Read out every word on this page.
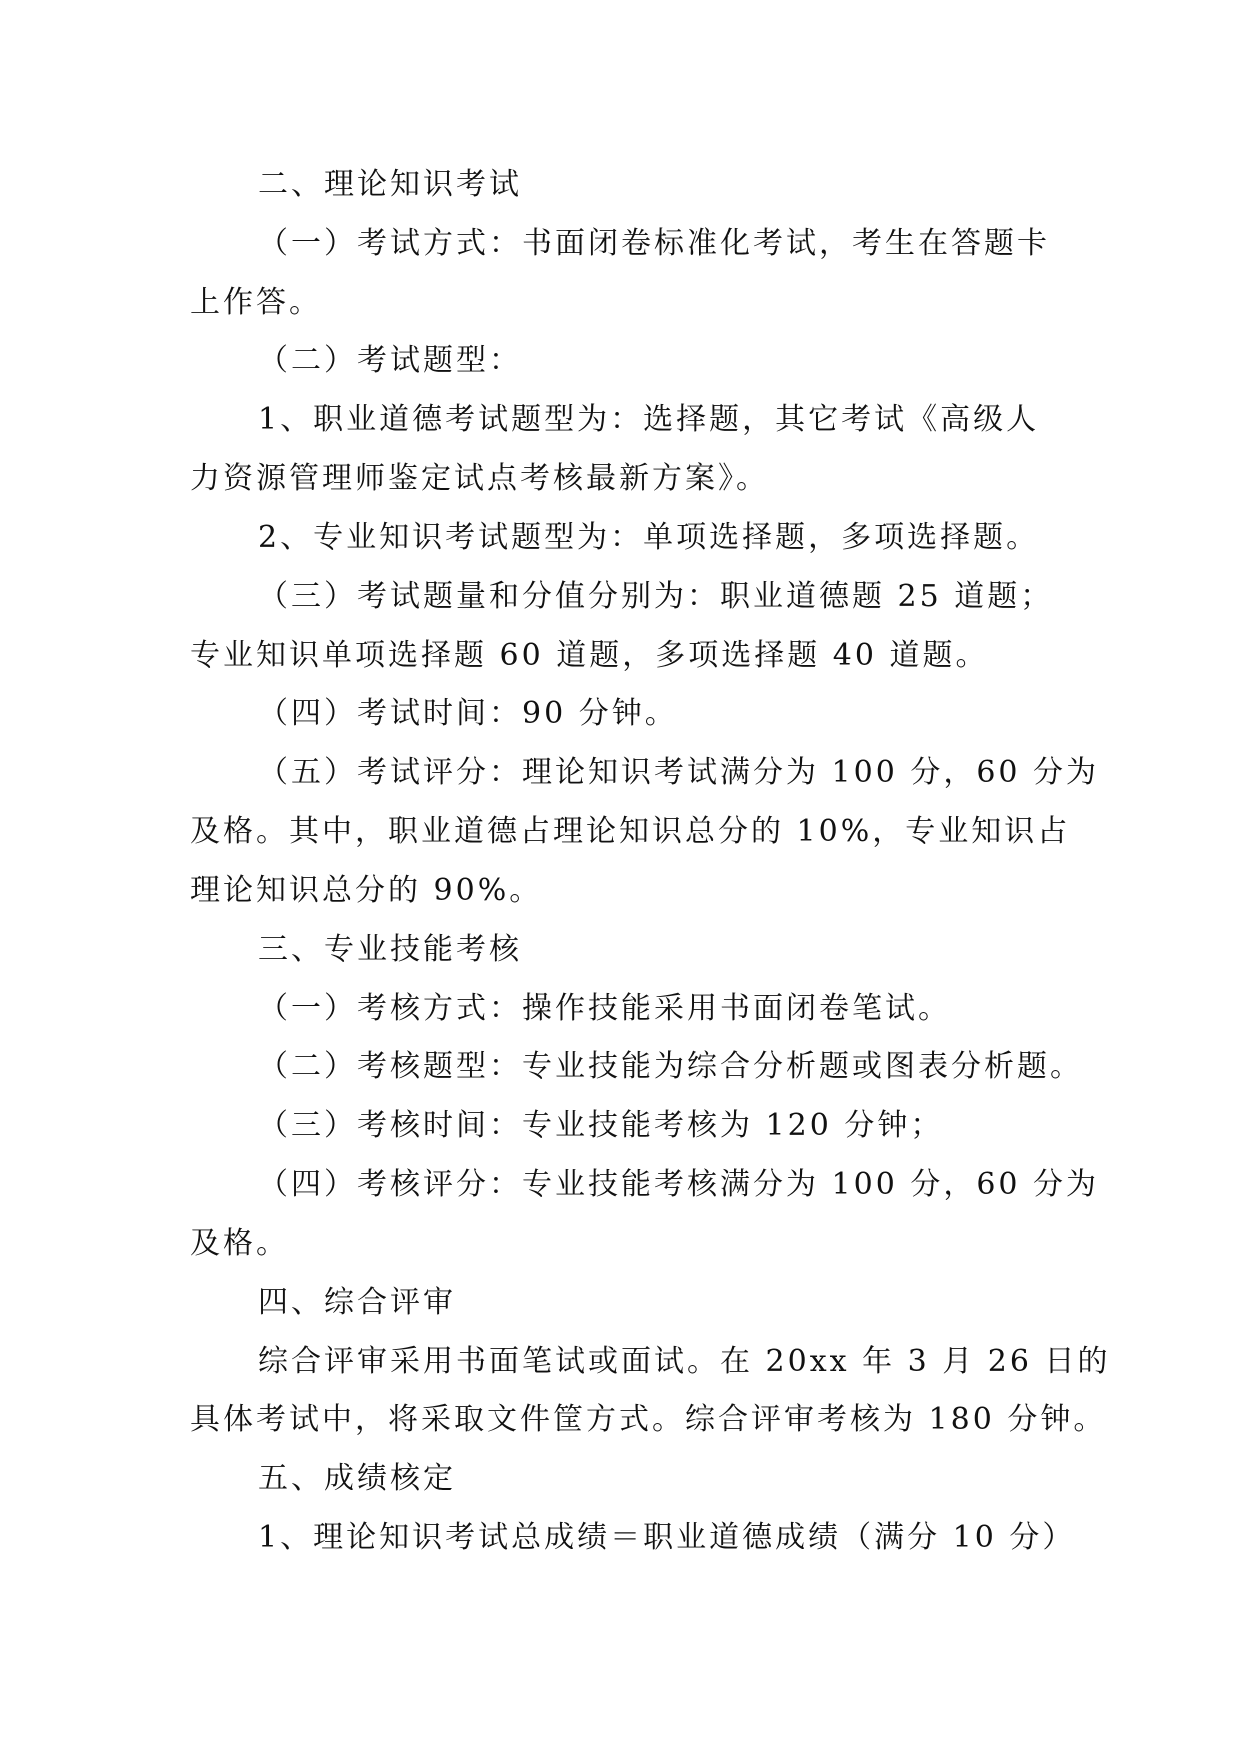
二、理论知识考试
（一）考试方式：书面闭卷标准化考试，考生在答题卡
上作答。
（二）考试题型：
1、职业道德考试题型为：选择题，其它考试《高级人
力资源管理师鉴定试点考核最新方案》。
2、专业知识考试题型为：单项选择题，多项选择题。
（三）考试题量和分值分别为：职业道德题 25 道题；
专业知识单项选择题 60 道题，多项选择题 40 道题。
（四）考试时间：90 分钟。
（五）考试评分：理论知识考试满分为 100 分，60 分为
及格。其中，职业道德占理论知识总分的 10%，专业知识占
理论知识总分的 90%。
三、专业技能考核
（一）考核方式：操作技能采用书面闭卷笔试。
（二）考核题型：专业技能为综合分析题或图表分析题。
（三）考核时间：专业技能考核为 120 分钟；
（四）考核评分：专业技能考核满分为 100 分，60 分为
及格。
四、综合评审
综合评审采用书面笔试或面试。在 20xx 年 3 月 26 日的
具体考试中，将采取文件筐方式。综合评审考核为 180 分钟。
五、成绩核定
1、理论知识考试总成绩＝职业道德成绩（满分 10 分）
